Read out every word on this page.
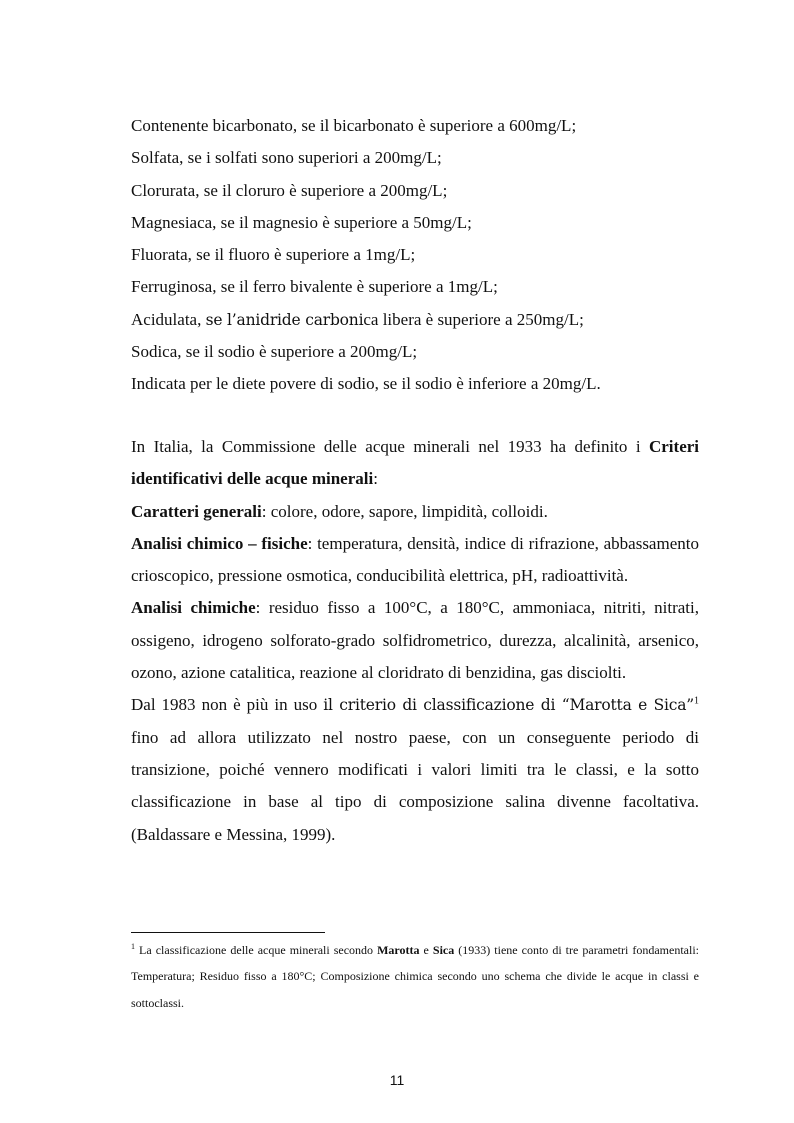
Contenente bicarbonato, se il bicarbonato è superiore a 600mg/L;
Solfata, se i solfati sono superiori a 200mg/L;
Clorurata, se il cloruro è superiore a 200mg/L;
Magnesiaca, se il magnesio è superiore a 50mg/L;
Fluorata, se il fluoro è superiore a 1mg/L;
Ferruginosa, se il ferro bivalente è superiore a 1mg/L;
Acidulata, se l’anidride carbonica libera è superiore a 250mg/L;
Sodica, se il sodio è superiore a 200mg/L;
Indicata per le diete povere di sodio, se il sodio è inferiore a 20mg/L.

In Italia, la Commissione delle acque minerali nel 1933 ha definito i Criteri identificativi delle acque minerali:

Caratteri generali: colore, odore, sapore, limpidità, colloidi.

Analisi chimico – fisiche: temperatura, densità, indice di rifrazione, abbassamento crioscopico, pressione osmotica, conducibilità elettrica, pH, radioattività.

Analisi chimiche: residuo fisso a 100°C, a 180°C, ammoniaca, nitriti, nitrati, ossigeno, idrogeno solforato-grado solfidrometrico, durezza, alcalinità, arsenico, ozono, azione catalitica, reazione al cloridrato di benzidina, gas disciolti.

Dal 1983 non è più in uso il criterio di classificazione di “Marotta e Sica”$^1$ fino ad allora utilizzato nel nostro paese, con un conseguente periodo di transizione, poiché vennero modificati i valori limiti tra le classi, e la sotto classificazione in base al tipo di composizione salina divenne facoltativa.

(Baldassare e Messina, 1999).

$^1$ La classificazione delle acque minerali secondo Marotta e Sica (1933) tiene conto di tre parametri fondamentali: Temperatura; Residuo fisso a 180°C; Composizione chimica secondo uno schema che divide le acque in classi e sottoclassi.

11
